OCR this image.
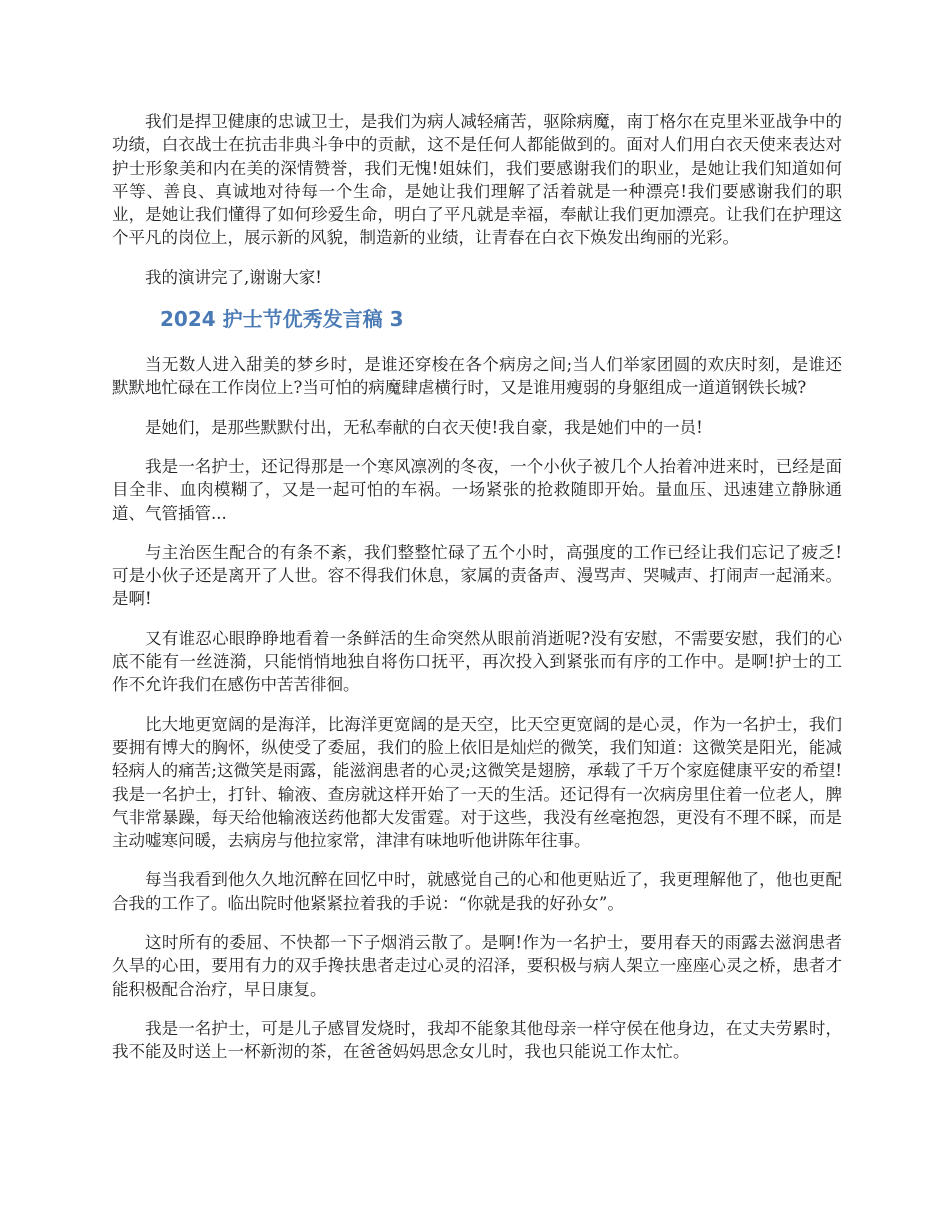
我们是捍卫健康的忠诚卫士，是我们为病人减轻痛苦，驱除病魔，南丁格尔在克里米亚战争中的功绩，白衣战士在抗击非典斗争中的贡献，这不是任何人都能做到的。面对人们用白衣天使来表达对护士形象美和内在美的深情赞誉，我们无愧!姐妹们，我们要感谢我们的职业，是她让我们知道如何平等、善良、真诚地对待每一个生命，是她让我们理解了活着就是一种漂亮!我们要感谢我们的职业，是她让我们懂得了如何珍爱生命，明白了平凡就是幸福，奉献让我们更加漂亮。让我们在护理这个平凡的岗位上，展示新的风貌，制造新的业绩，让青春在白衣下焕发出绚丽的光彩。

我的演讲完了,谢谢大家!

2024 护士节优秀发言稿 3

当无数人进入甜美的梦乡时，是谁还穿梭在各个病房之间;当人们举家团圆的欢庆时刻，是谁还默默地忙碌在工作岗位上?当可怕的病魔肆虐横行时，又是谁用瘦弱的身躯组成一道道钢铁长城?

是她们，是那些默默付出，无私奉献的白衣天使!我自豪，我是她们中的一员!

我是一名护士，还记得那是一个寒风凛冽的冬夜，一个小伙子被几个人抬着冲进来时，已经是面目全非、血肉模糊了，又是一起可怕的车祸。一场紧张的抢救随即开始。量血压、迅速建立静脉通道、气管插管...

与主治医生配合的有条不紊，我们整整忙碌了五个小时，高强度的工作已经让我们忘记了疲乏!可是小伙子还是离开了人世。容不得我们休息，家属的责备声、漫骂声、哭喊声、打闹声一起涌来。是啊!

又有谁忍心眼睁睁地看着一条鲜活的生命突然从眼前消逝呢?没有安慰，不需要安慰，我们的心底不能有一丝涟漪，只能悄悄地独自将伤口抚平，再次投入到紧张而有序的工作中。是啊!护士的工作不允许我们在感伤中苦苦徘徊。

比大地更宽阔的是海洋，比海洋更宽阔的是天空，比天空更宽阔的是心灵，作为一名护士，我们要拥有博大的胸怀，纵使受了委屈，我们的脸上依旧是灿烂的微笑，我们知道：这微笑是阳光，能减轻病人的痛苦;这微笑是雨露，能滋润患者的心灵;这微笑是翅膀，承载了千万个家庭健康平安的希望!我是一名护士，打针、输液、查房就这样开始了一天的生活。还记得有一次病房里住着一位老人，脾气非常暴躁，每天给他输液送药他都大发雷霆。对于这些，我没有丝毫抱怨，更没有不理不睬，而是主动嘘寒问暖，去病房与他拉家常，津津有味地听他讲陈年往事。

每当我看到他久久地沉醉在回忆中时，就感觉自己的心和他更贴近了，我更理解他了，他也更配合我的工作了。临出院时他紧紧拉着我的手说：“你就是我的好孙女”。

这时所有的委屈、不快都一下子烟消云散了。是啊!作为一名护士，要用春天的雨露去滋润患者久旱的心田，要用有力的双手搀扶患者走过心灵的沼泽，要积极与病人架立一座座心灵之桥，患者才能积极配合治疗，早日康复。

我是一名护士，可是儿子感冒发烧时，我却不能象其他母亲一样守侯在他身边，在丈夫劳累时，我不能及时送上一杯新沏的茶，在爸爸妈妈思念女儿时，我也只能说工作太忙。
